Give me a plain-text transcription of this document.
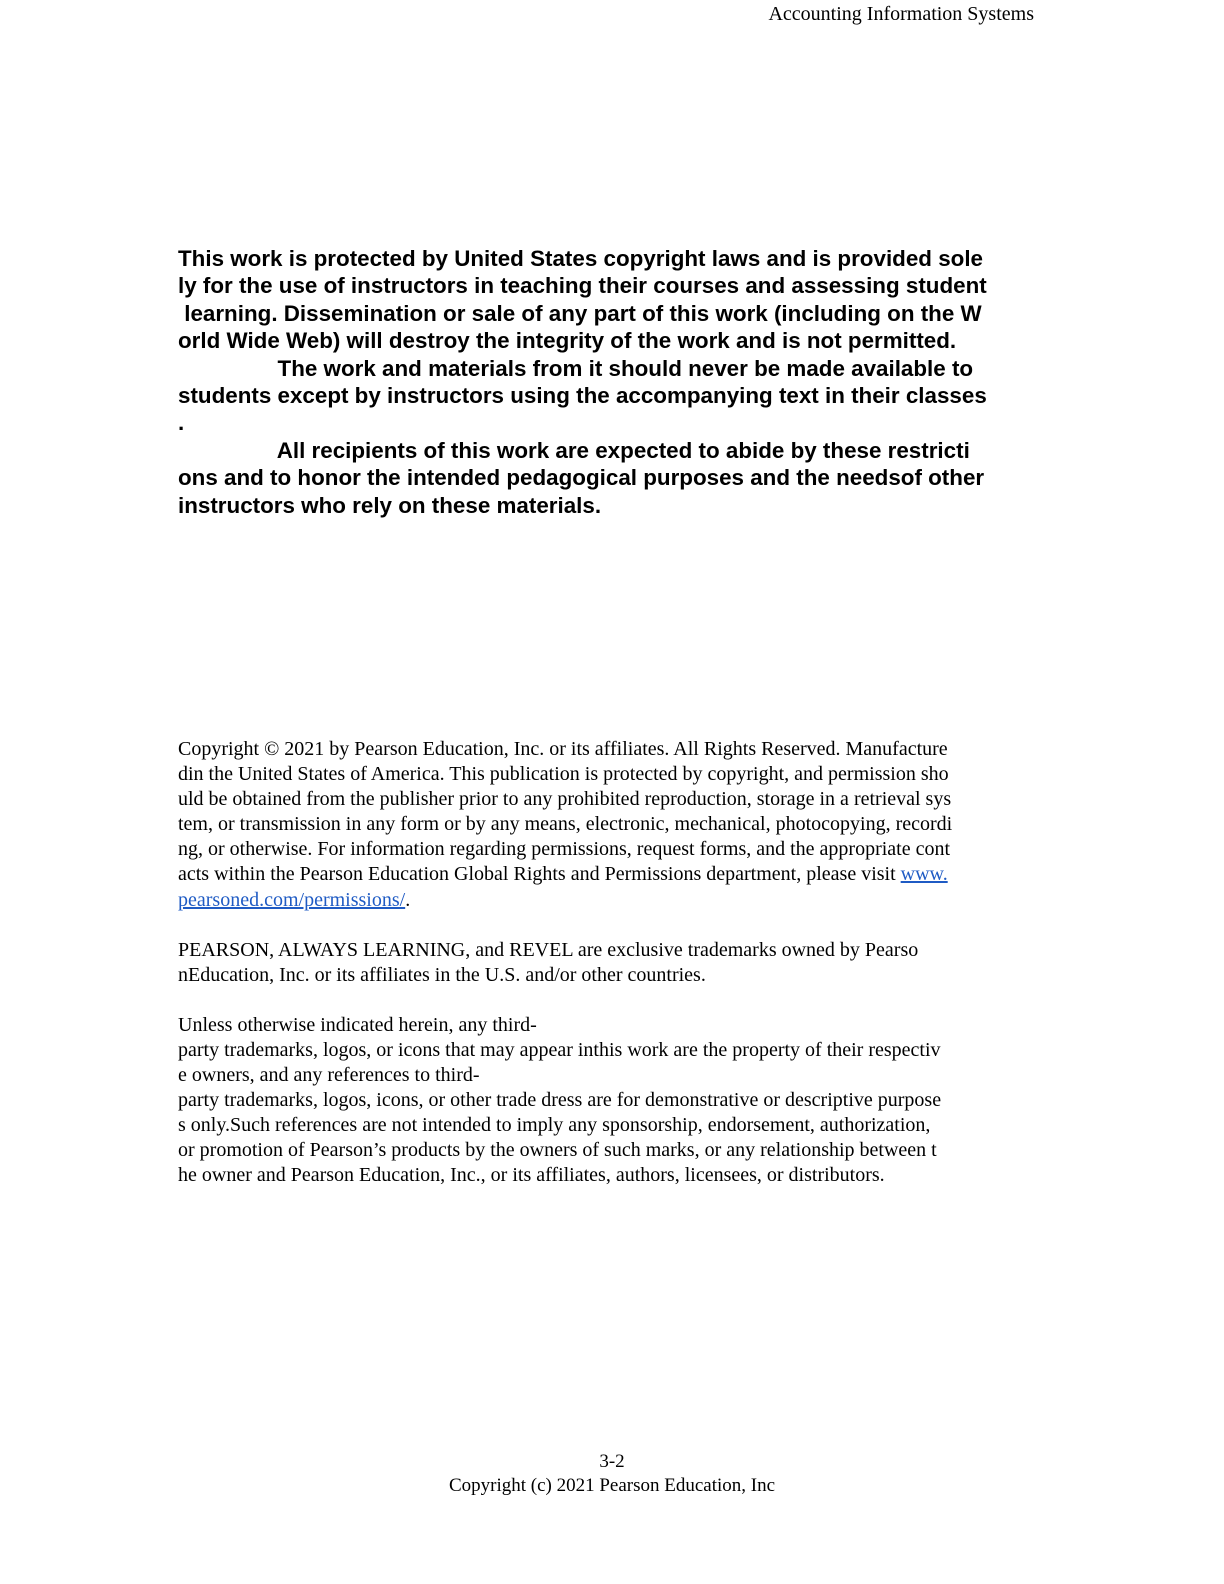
Accounting Information Systems
This work is protected by United States copyright laws and is provided sole
ly for the use of instructors in teaching their courses and assessing student
learning. Dissemination or sale of any part of this work (including on the W
orld Wide Web) will destroy the integrity of the work and is not permitted.
The work and materials from it should never be made available to
students except by instructors using the accompanying text in their classes
.
All recipients of this work are expected to abide by these restricti
ons and to honor the intended pedagogical purposes and the needsof other
instructors who rely on these materials.
Copyright © 2021 by Pearson Education, Inc. or its affiliates. All Rights Reserved. Manufacture
din the United States of America. This publication is protected by copyright, and permission sho
uld be obtained from the publisher prior to any prohibited reproduction, storage in a retrieval sys
tem, or transmission in any form or by any means, electronic, mechanical, photocopying, recordi
ng, or otherwise. For information regarding permissions, request forms, and the appropriate cont
acts within the Pearson Education Global Rights and Permissions department, please visit www.
pearsoned.com/permissions/.
PEARSON, ALWAYS LEARNING, and REVEL are exclusive trademarks owned by Pearso
nEducation, Inc. or its affiliates in the U.S. and/or other countries.
Unless otherwise indicated herein, any third-
party trademarks, logos, or icons that may appear inthis work are the property of their respectiv
e owners, and any references to third-
party trademarks, logos, icons, or other trade dress are for demonstrative or descriptive purpose
s only.Such references are not intended to imply any sponsorship, endorsement, authorization,
or promotion of Pearson’s products by the owners of such marks, or any relationship between t
he owner and Pearson Education, Inc., or its affiliates, authors, licensees, or distributors.
3-2
Copyright (c) 2021 Pearson Education, Inc
